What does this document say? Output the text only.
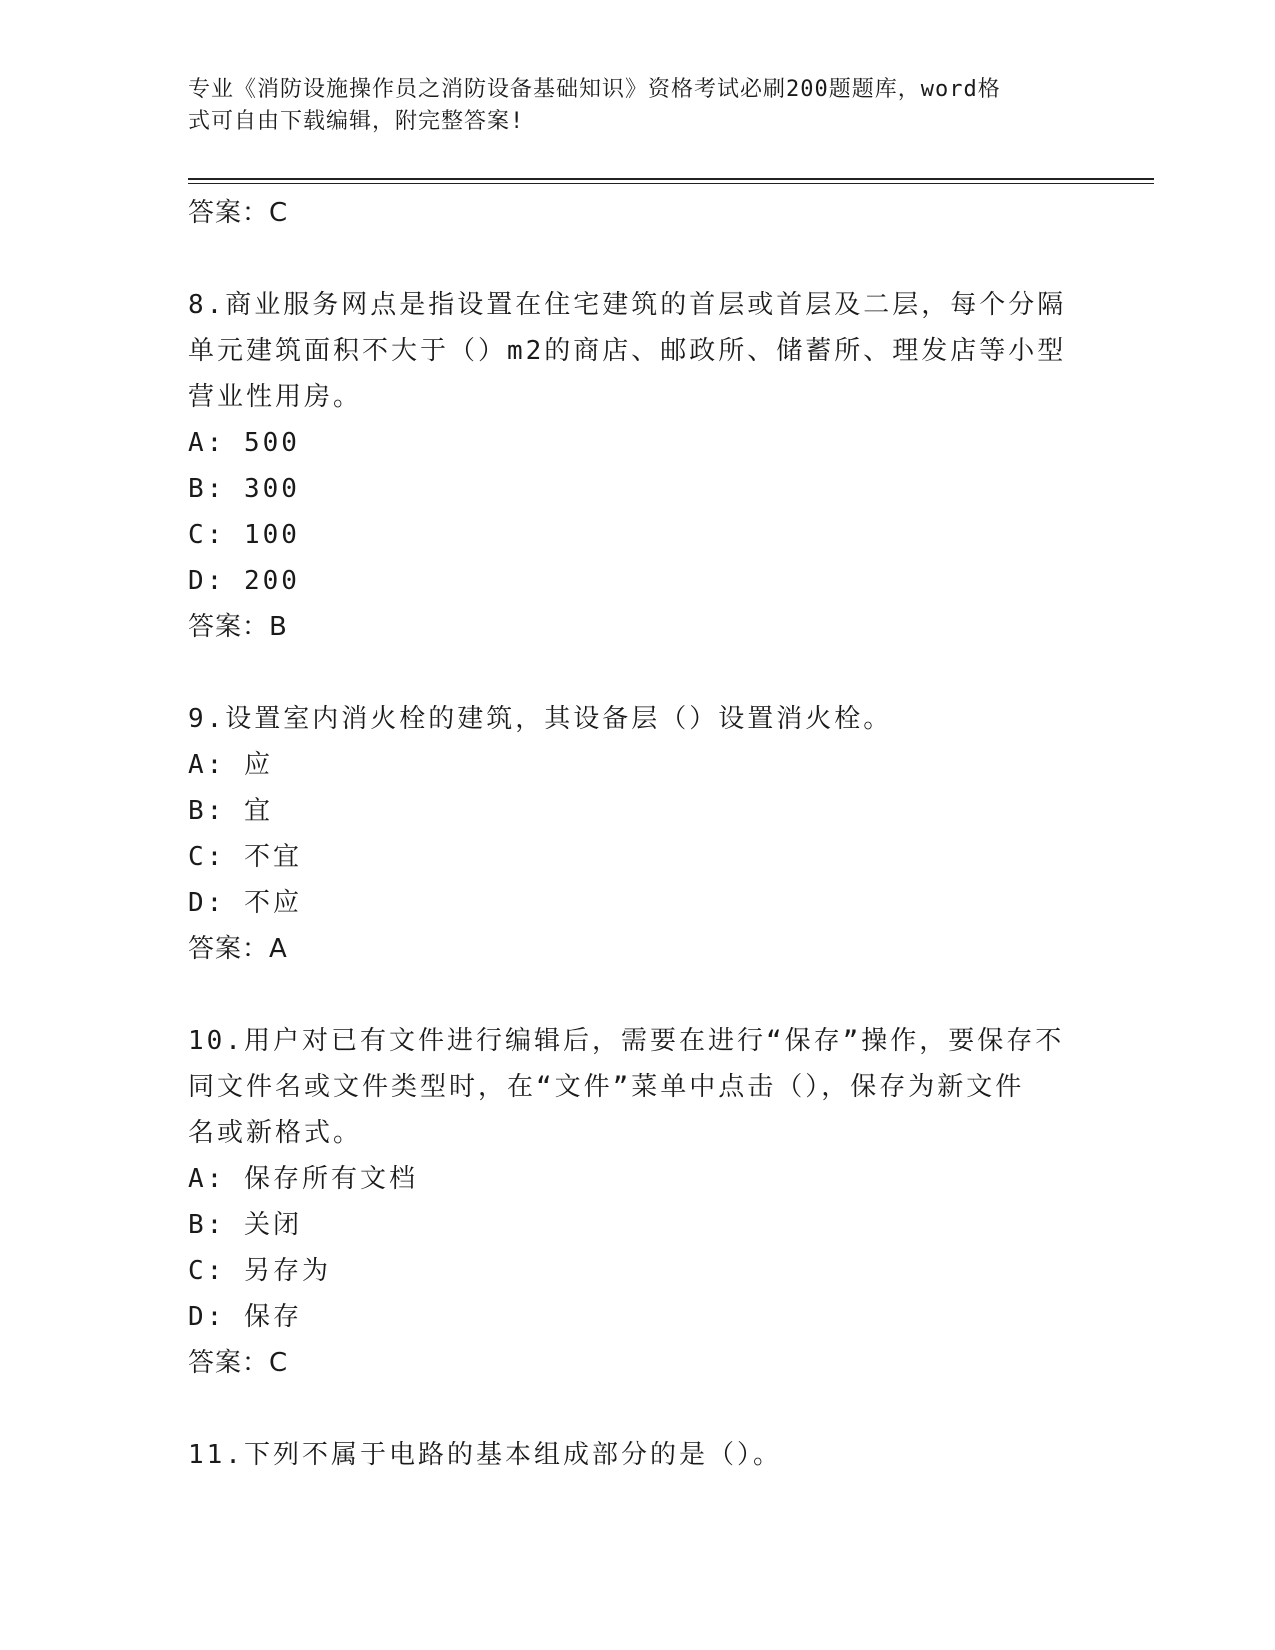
专业《消防设施操作员之消防设备基础知识》资格考试必刷200题题库，word格
式可自由下载编辑，附完整答案!
答案：C
8.商业服务网点是指设置在住宅建筑的首层或首层及二层，每个分隔
单元建筑面积不大于（）m2的商店、邮政所、储蓄所、理发店等小型
营业性用房。
A: 500
B: 300
C: 100
D: 200
答案：B
9.设置室内消火栓的建筑，其设备层（）设置消火栓。
A: 应
B: 宜
C: 不宜
D: 不应
答案：A
10.用户对已有文件进行编辑后，需要在进行“保存”操作，要保存不
同文件名或文件类型时，在“文件”菜单中点击（），保存为新文件
名或新格式。
A: 保存所有文档
B: 关闭
C: 另存为
D: 保存
答案：C
11.下列不属于电路的基本组成部分的是（）。
